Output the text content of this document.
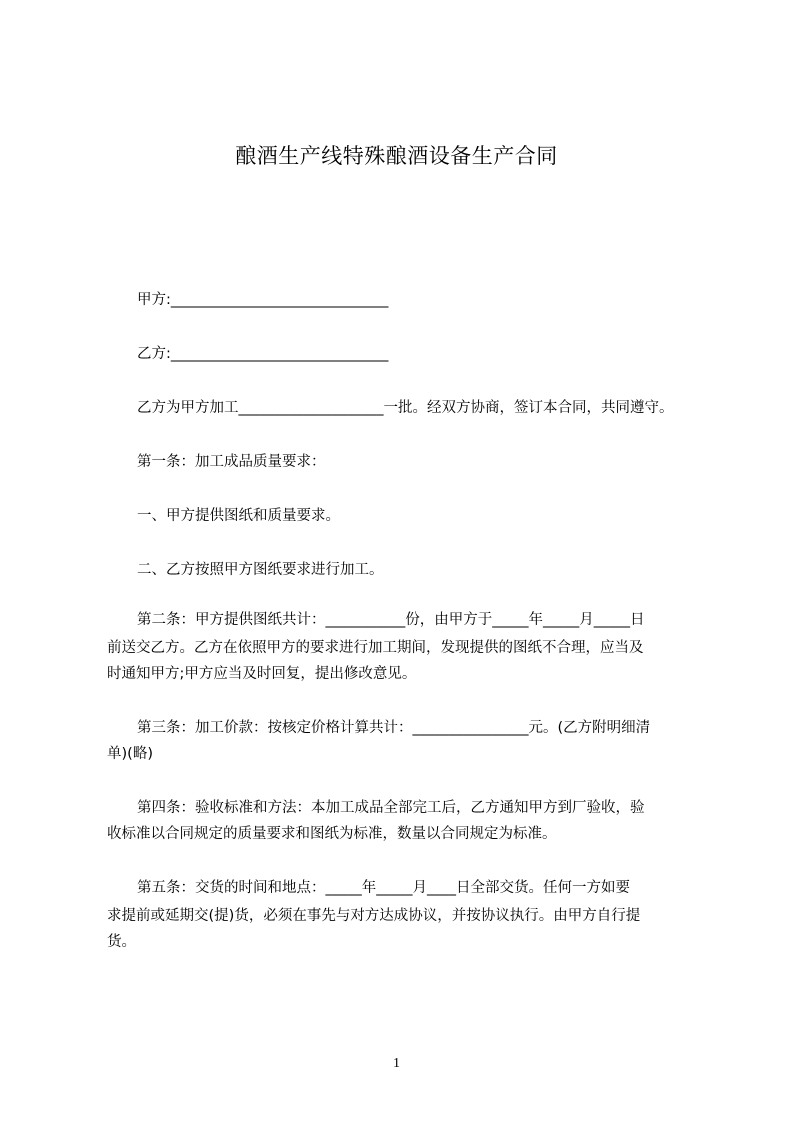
酿酒生产线特殊酿酒设备生产合同
甲方:______________________________
乙方:______________________________
乙方为甲方加工____________________一批。经双方协商，签订本合同，共同遵守。
第一条：加工成品质量要求：
一、甲方提供图纸和质量要求。
二、乙方按照甲方图纸要求进行加工。
第二条：甲方提供图纸共计：___________份，由甲方于_____年_____月_____日
前送交乙方。乙方在依照甲方的要求进行加工期间，发现提供的图纸不合理，应当及
时通知甲方;甲方应当及时回复，提出修改意见。
第三条：加工价款：按核定价格计算共计：________________元。(乙方附明细清
单)(略)
第四条：验收标准和方法：本加工成品全部完工后，乙方通知甲方到厂验收，验
收标准以合同规定的质量要求和图纸为标准，数量以合同规定为标准。
第五条：交货的时间和地点：_____年_____月____日全部交货。任何一方如要
求提前或延期交(提)货，必须在事先与对方达成协议，并按协议执行。由甲方自行提
货。
1
